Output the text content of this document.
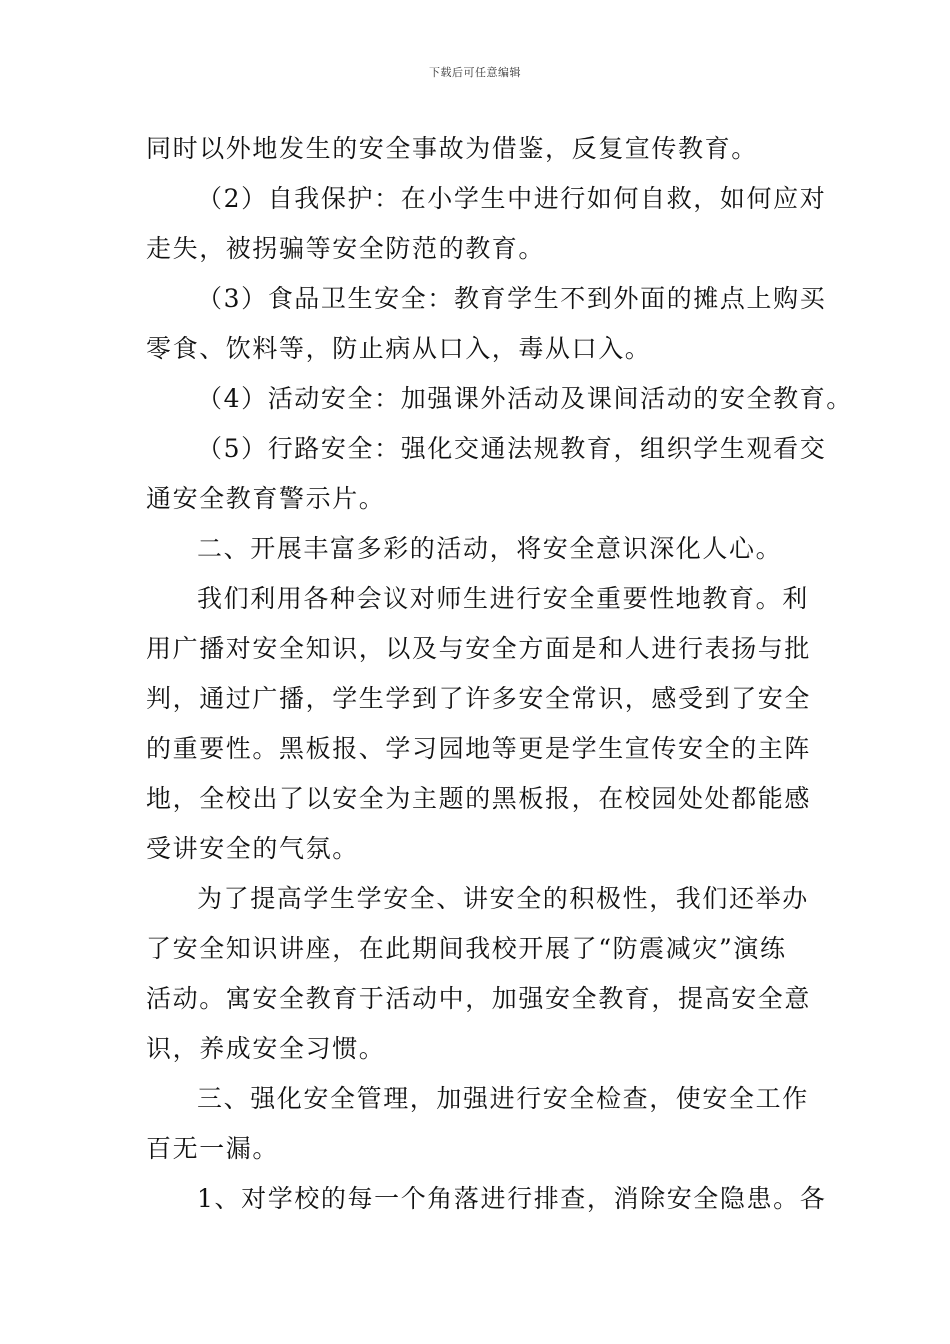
下载后可任意编辑
同时以外地发生的安全事故为借鉴，反复宣传教育。
（2）自我保护：在小学生中进行如何自救，如何应对
走失，被拐骗等安全防范的教育。
（3）食品卫生安全：教育学生不到外面的摊点上购买
零食、饮料等，防止病从口入，毒从口入。
（4）活动安全：加强课外活动及课间活动的安全教育。
（5）行路安全：强化交通法规教育，组织学生观看交
通安全教育警示片。
二、开展丰富多彩的活动，将安全意识深化人心。
我们利用各种会议对师生进行安全重要性地教育。利
用广播对安全知识，以及与安全方面是和人进行表扬与批
判，通过广播，学生学到了许多安全常识，感受到了安全
的重要性。黑板报、学习园地等更是学生宣传安全的主阵
地，全校出了以安全为主题的黑板报，在校园处处都能感
受讲安全的气氛。
为了提高学生学安全、讲安全的积极性，我们还举办
了安全知识讲座，在此期间我校开展了“防震减灾”演练
活动。寓安全教育于活动中，加强安全教育，提高安全意
识，养成安全习惯。
三、强化安全管理，加强进行安全检查，使安全工作
百无一漏。
1、对学校的每一个角落进行排查，消除安全隐患。各
